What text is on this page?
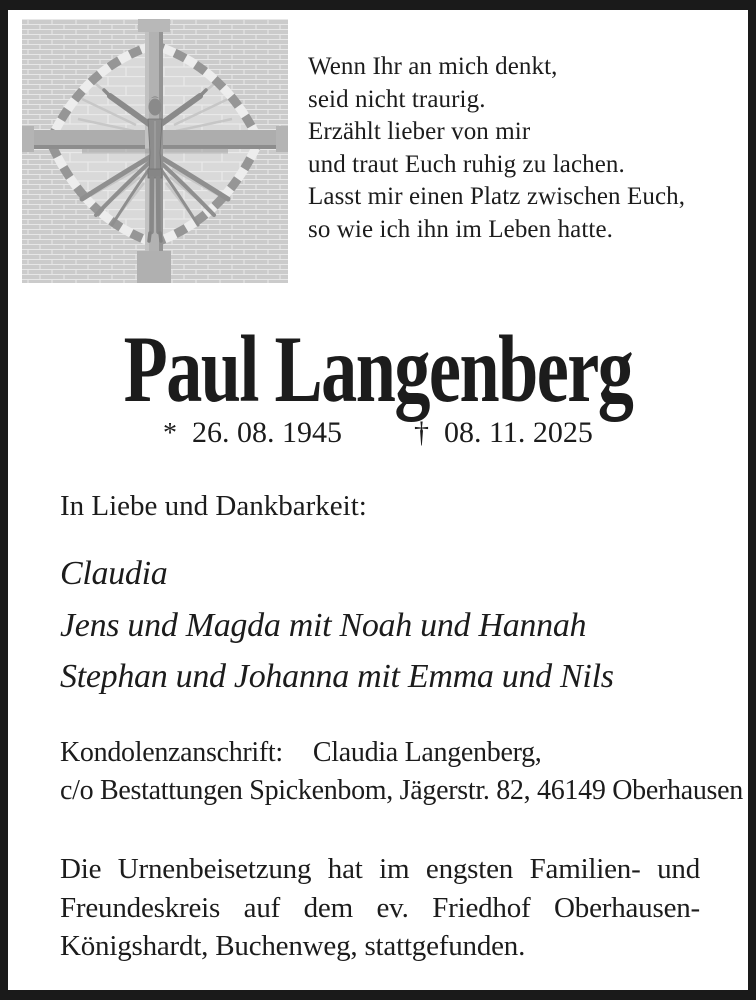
Wenn Ihr an mich denkt,
seid nicht traurig.
Erzählt lieber von mir
und traut Euch ruhig zu lachen.
Lasst mir einen Platz zwischen Euch,
so wie ich ihn im Leben hatte.
Paul Langenberg
* 26. 08. 1945 † 08. 11. 2025
In Liebe und Dankbarkeit:
Claudia
Jens und Magda mit Noah und Hannah
Stephan und Johanna mit Emma und Nils
Kondolenzanschrift: Claudia Langenberg,
c/o Bestattungen Spickenbom, Jägerstr. 82, 46149 Oberhausen
Die Urnenbeisetzung hat im engsten Familien- und
Freundeskreis auf dem ev. Friedhof Oberhausen-
Königshardt, Buchenweg, stattgefunden.
